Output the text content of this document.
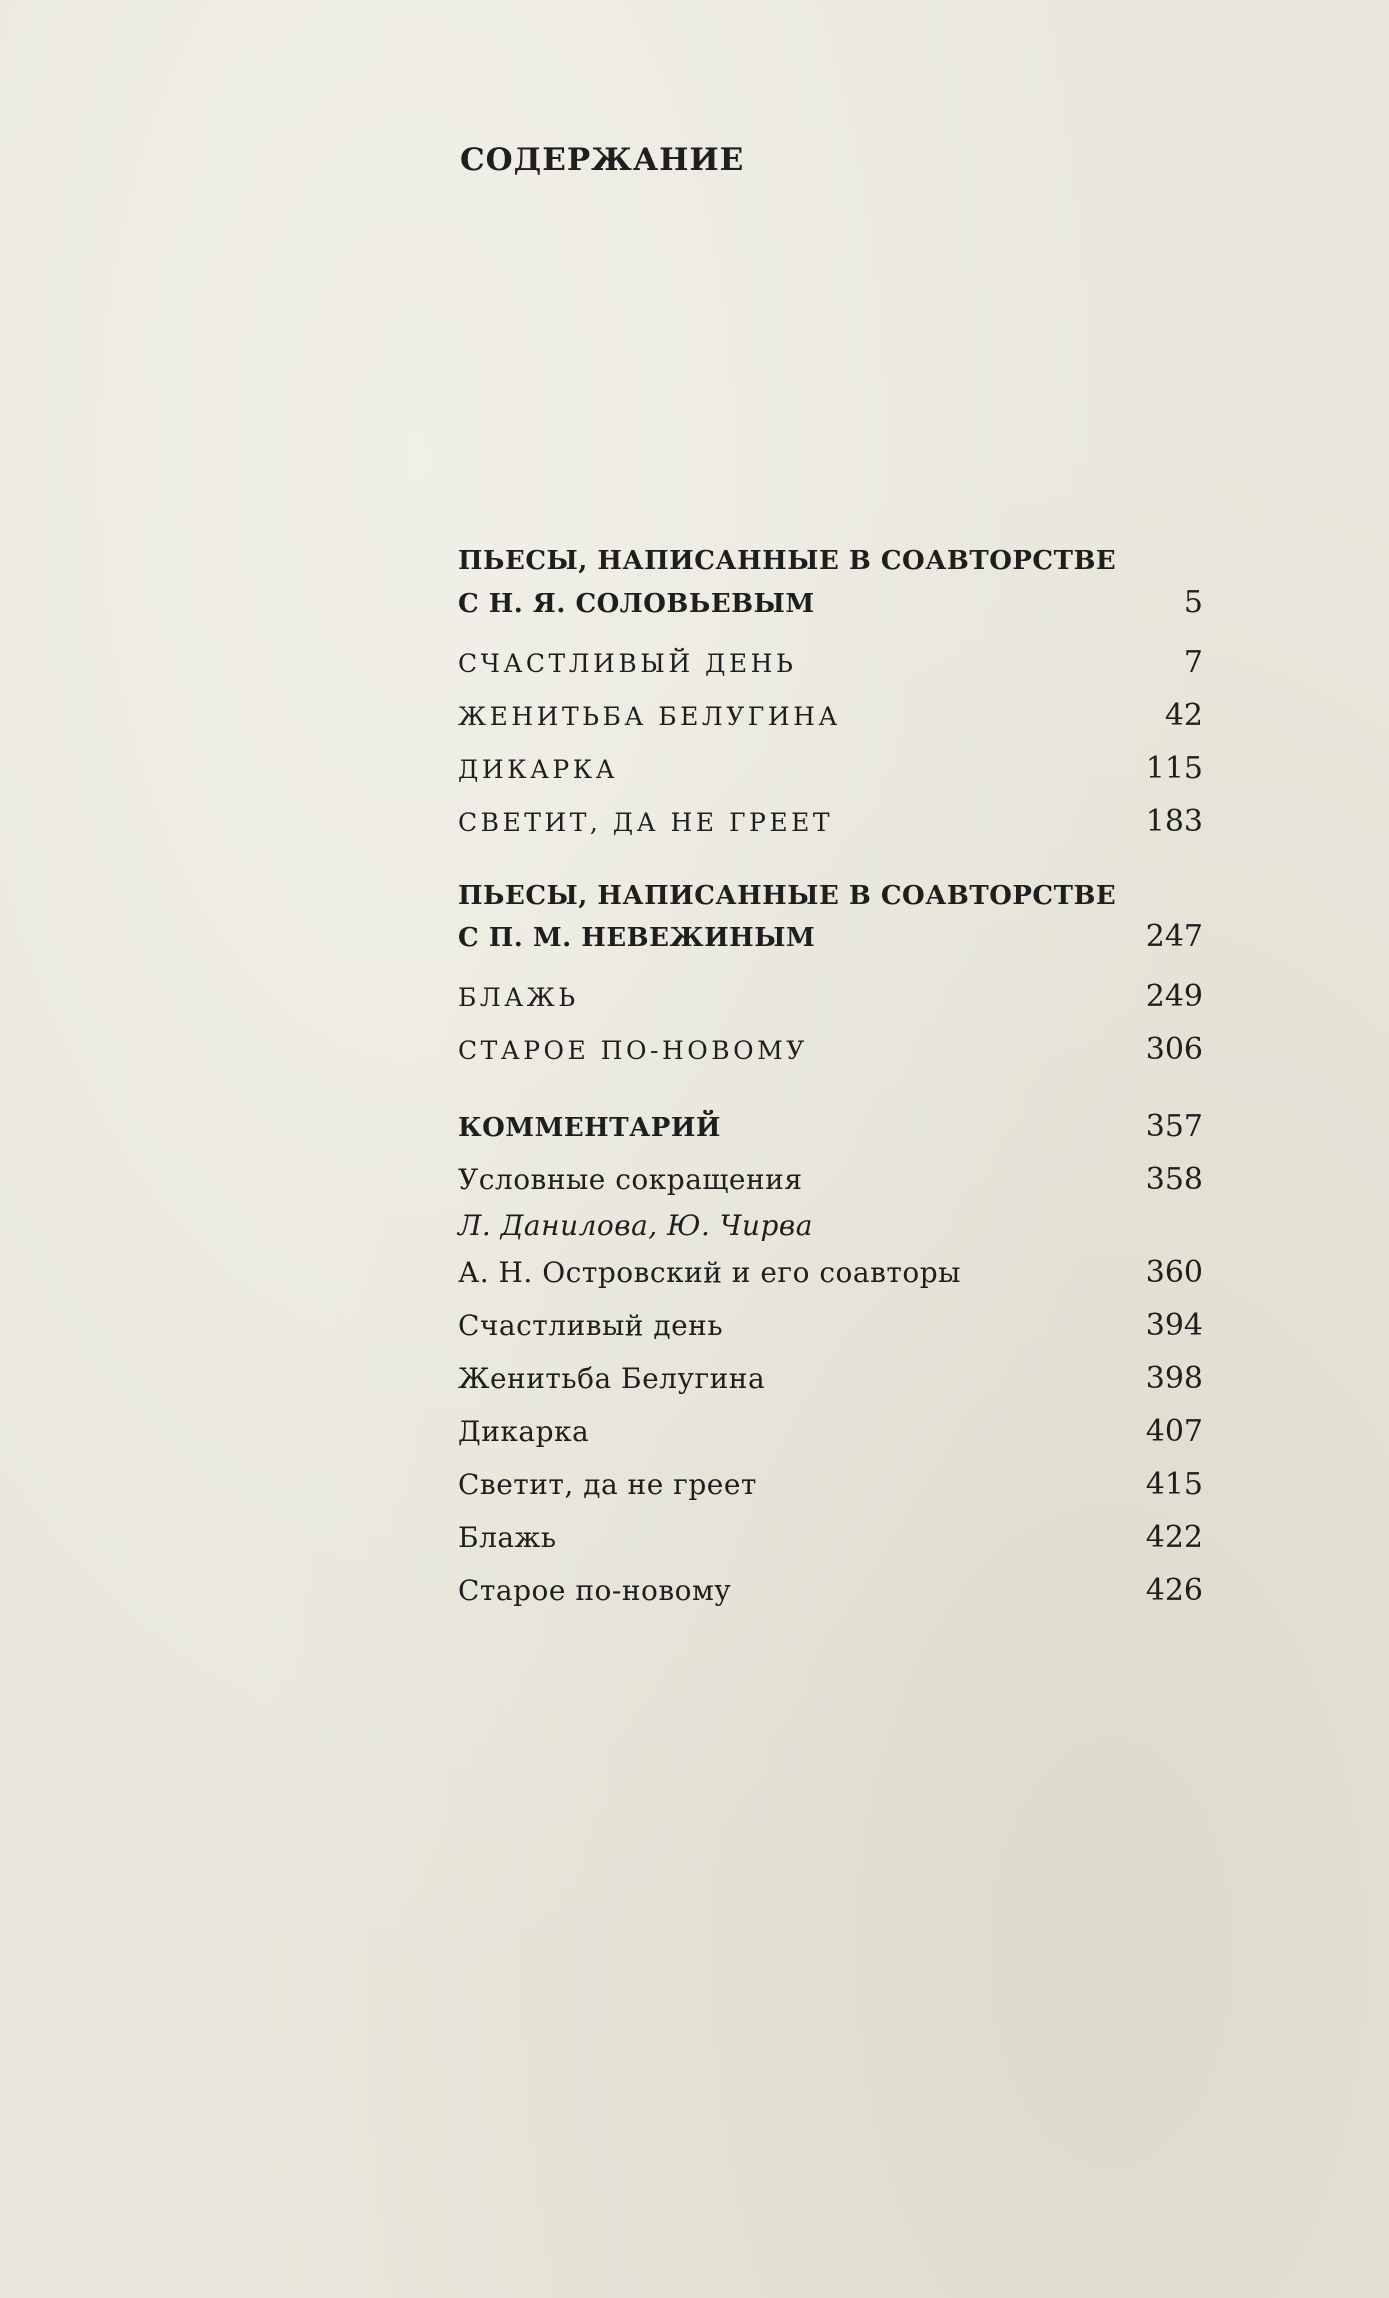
СОДЕРЖАНИЕ
ПЬЕСЫ, НАПИСАННЫЕ В СОАВТОРСТВЕ
С Н. Я. СОЛОВЬЕВЫМ	5
СЧАСТЛИВЫЙ ДЕНЬ	7
ЖЕНИТЬБА БЕЛУГИНА	42
ДИКАРКА	115
СВЕТИТ, ДА НЕ ГРЕЕТ	183
ПЬЕСЫ, НАПИСАННЫЕ В СОАВТОРСТВЕ
С П. М. НЕВЕЖИНЫМ	247
БЛАЖЬ	249
СТАРОЕ ПО-НОВОМУ	306
КОММЕНТАРИЙ	357
Условные сокращения	358
Л. Данилова, Ю. Чирва
А. Н. Островский и его соавторы	360
Счастливый день	394
Женитьба Белугина	398
Дикарка	407
Светит, да не греет	415
Блажь	422
Старое по-новому	426
